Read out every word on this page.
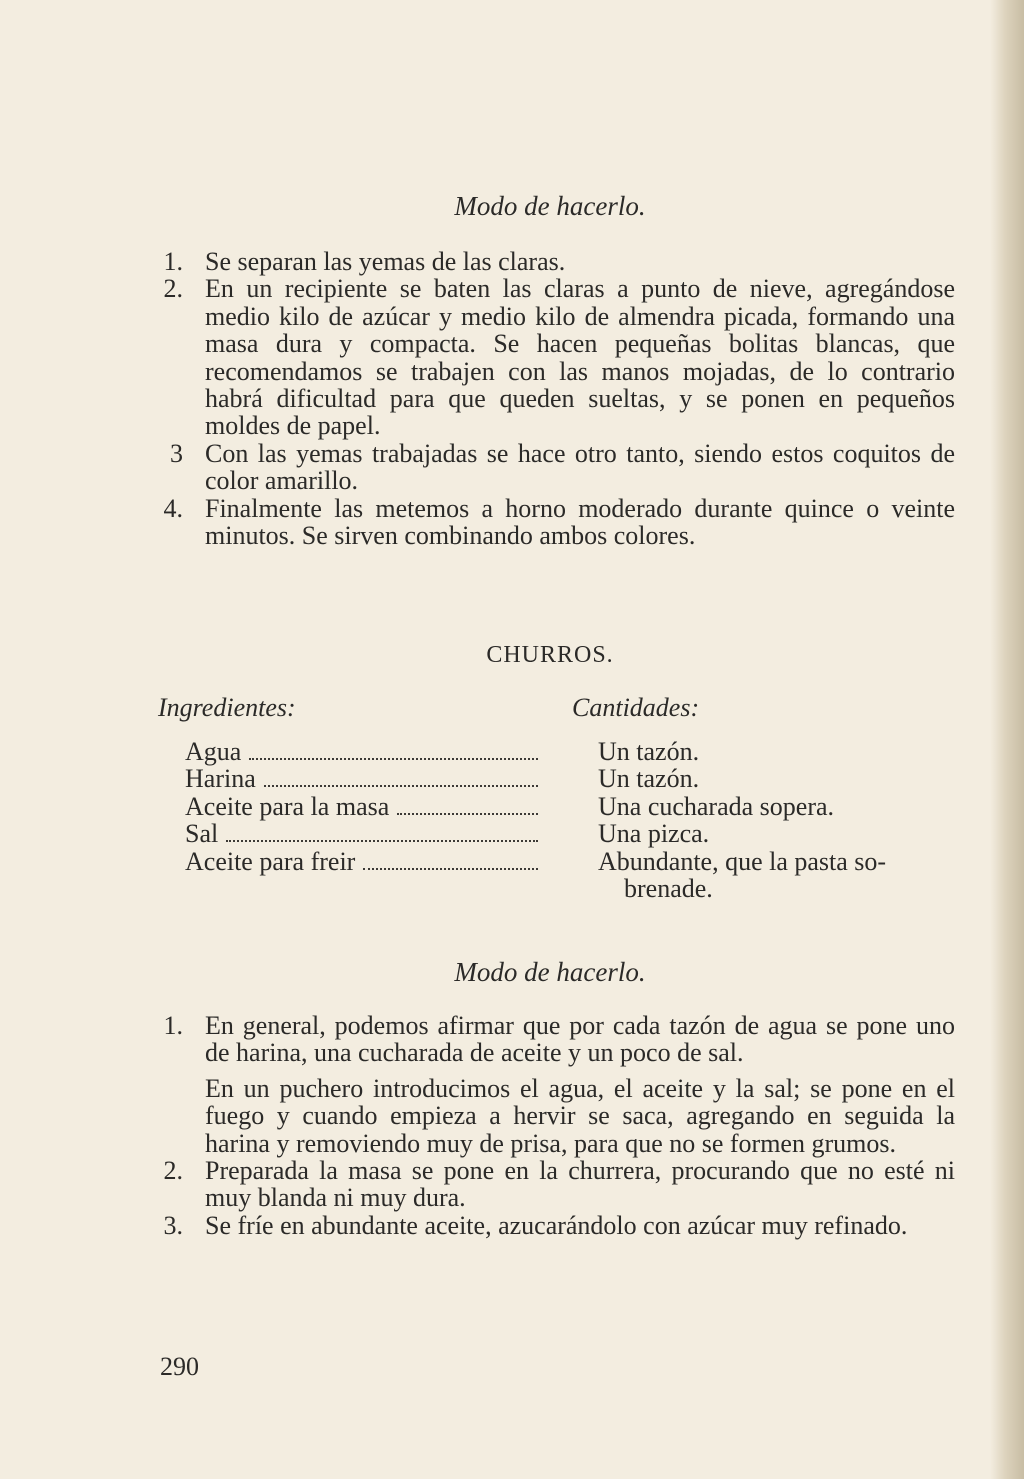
Modo de hacerlo.
1. Se separan las yemas de las claras.
2. En un recipiente se baten las claras a punto de nieve, agregándose medio kilo de azúcar y medio kilo de almendra picada, formando una masa dura y compacta. Se hacen pequeñas bolitas blancas, que recomendamos se trabajen con las manos mojadas, de lo contrario habrá dificultad para que queden sueltas, y se ponen en pequeños moldes de papel.
3 Con las yemas trabajadas se hace otro tanto, siendo estos coquitos de color amarillo.
4. Finalmente las metemos a horno moderado durante quince o veinte minutos. Se sirven combinando ambos colores.
CHURROS.
Ingredientes:	Cantidades:
Agua
Harina
Aceite para la masa
Sal
Aceite para freir
Un tazón.
Un tazón.
Una cucharada sopera.
Una pizca.
Abundante, que la pasta so-
brenade.
Modo de hacerlo.
1. En general, podemos afirmar que por cada tazón de agua se pone uno de harina, una cucharada de aceite y un poco de sal.
En un puchero introducimos el agua, el aceite y la sal; se pone en el fuego y cuando empieza a hervir se saca, agregando en seguida la harina y removiendo muy de prisa, para que no se formen grumos.
2. Preparada la masa se pone en la churrera, procurando que no esté ni muy blanda ni muy dura.
3. Se fríe en abundante aceite, azucarándolo con azúcar muy refinado.
290
